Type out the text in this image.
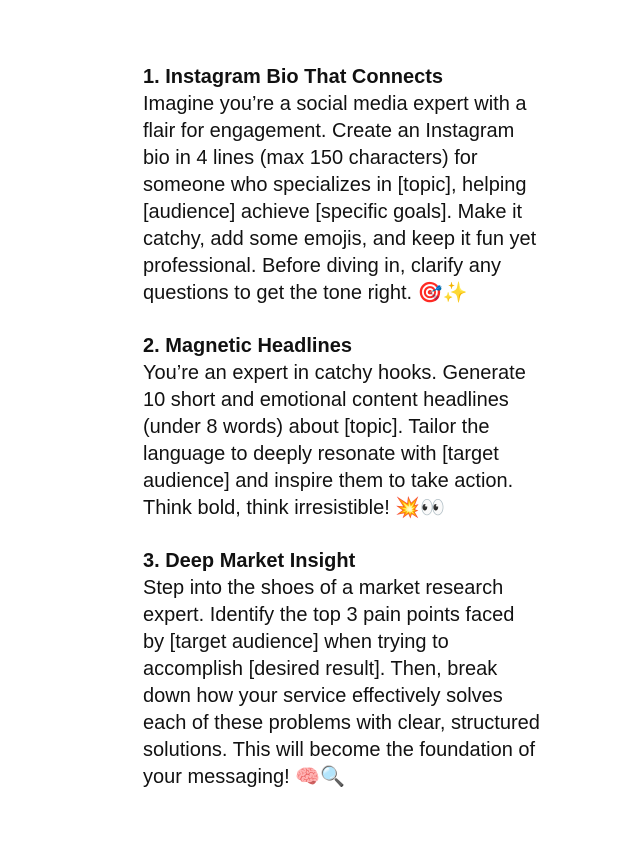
1. Instagram Bio That Connects

Imagine you’re a social media expert with a

flair for engagement. Create an Instagram

bio in 4 lines (max 150 characters) for

someone who specializes in [topic], helping

[audience] achieve [specific goals]. Make it

catchy, add some emojis, and keep it fun yet

professional. Before diving in, clarify any

questions to get the tone right. 🎯✨

2. Magnetic Headlines

You’re an expert in catchy hooks. Generate

10 short and emotional content headlines

(under 8 words) about [topic]. Tailor the

language to deeply resonate with [target

audience] and inspire them to take action.

Think bold, think irresistible! 💥👀

3. Deep Market Insight

Step into the shoes of a market research

expert. Identify the top 3 pain points faced

by [target audience] when trying to

accomplish [desired result]. Then, break

down how your service effectively solves

each of these problems with clear, structured

solutions. This will become the foundation of

your messaging! 🧠🔍
